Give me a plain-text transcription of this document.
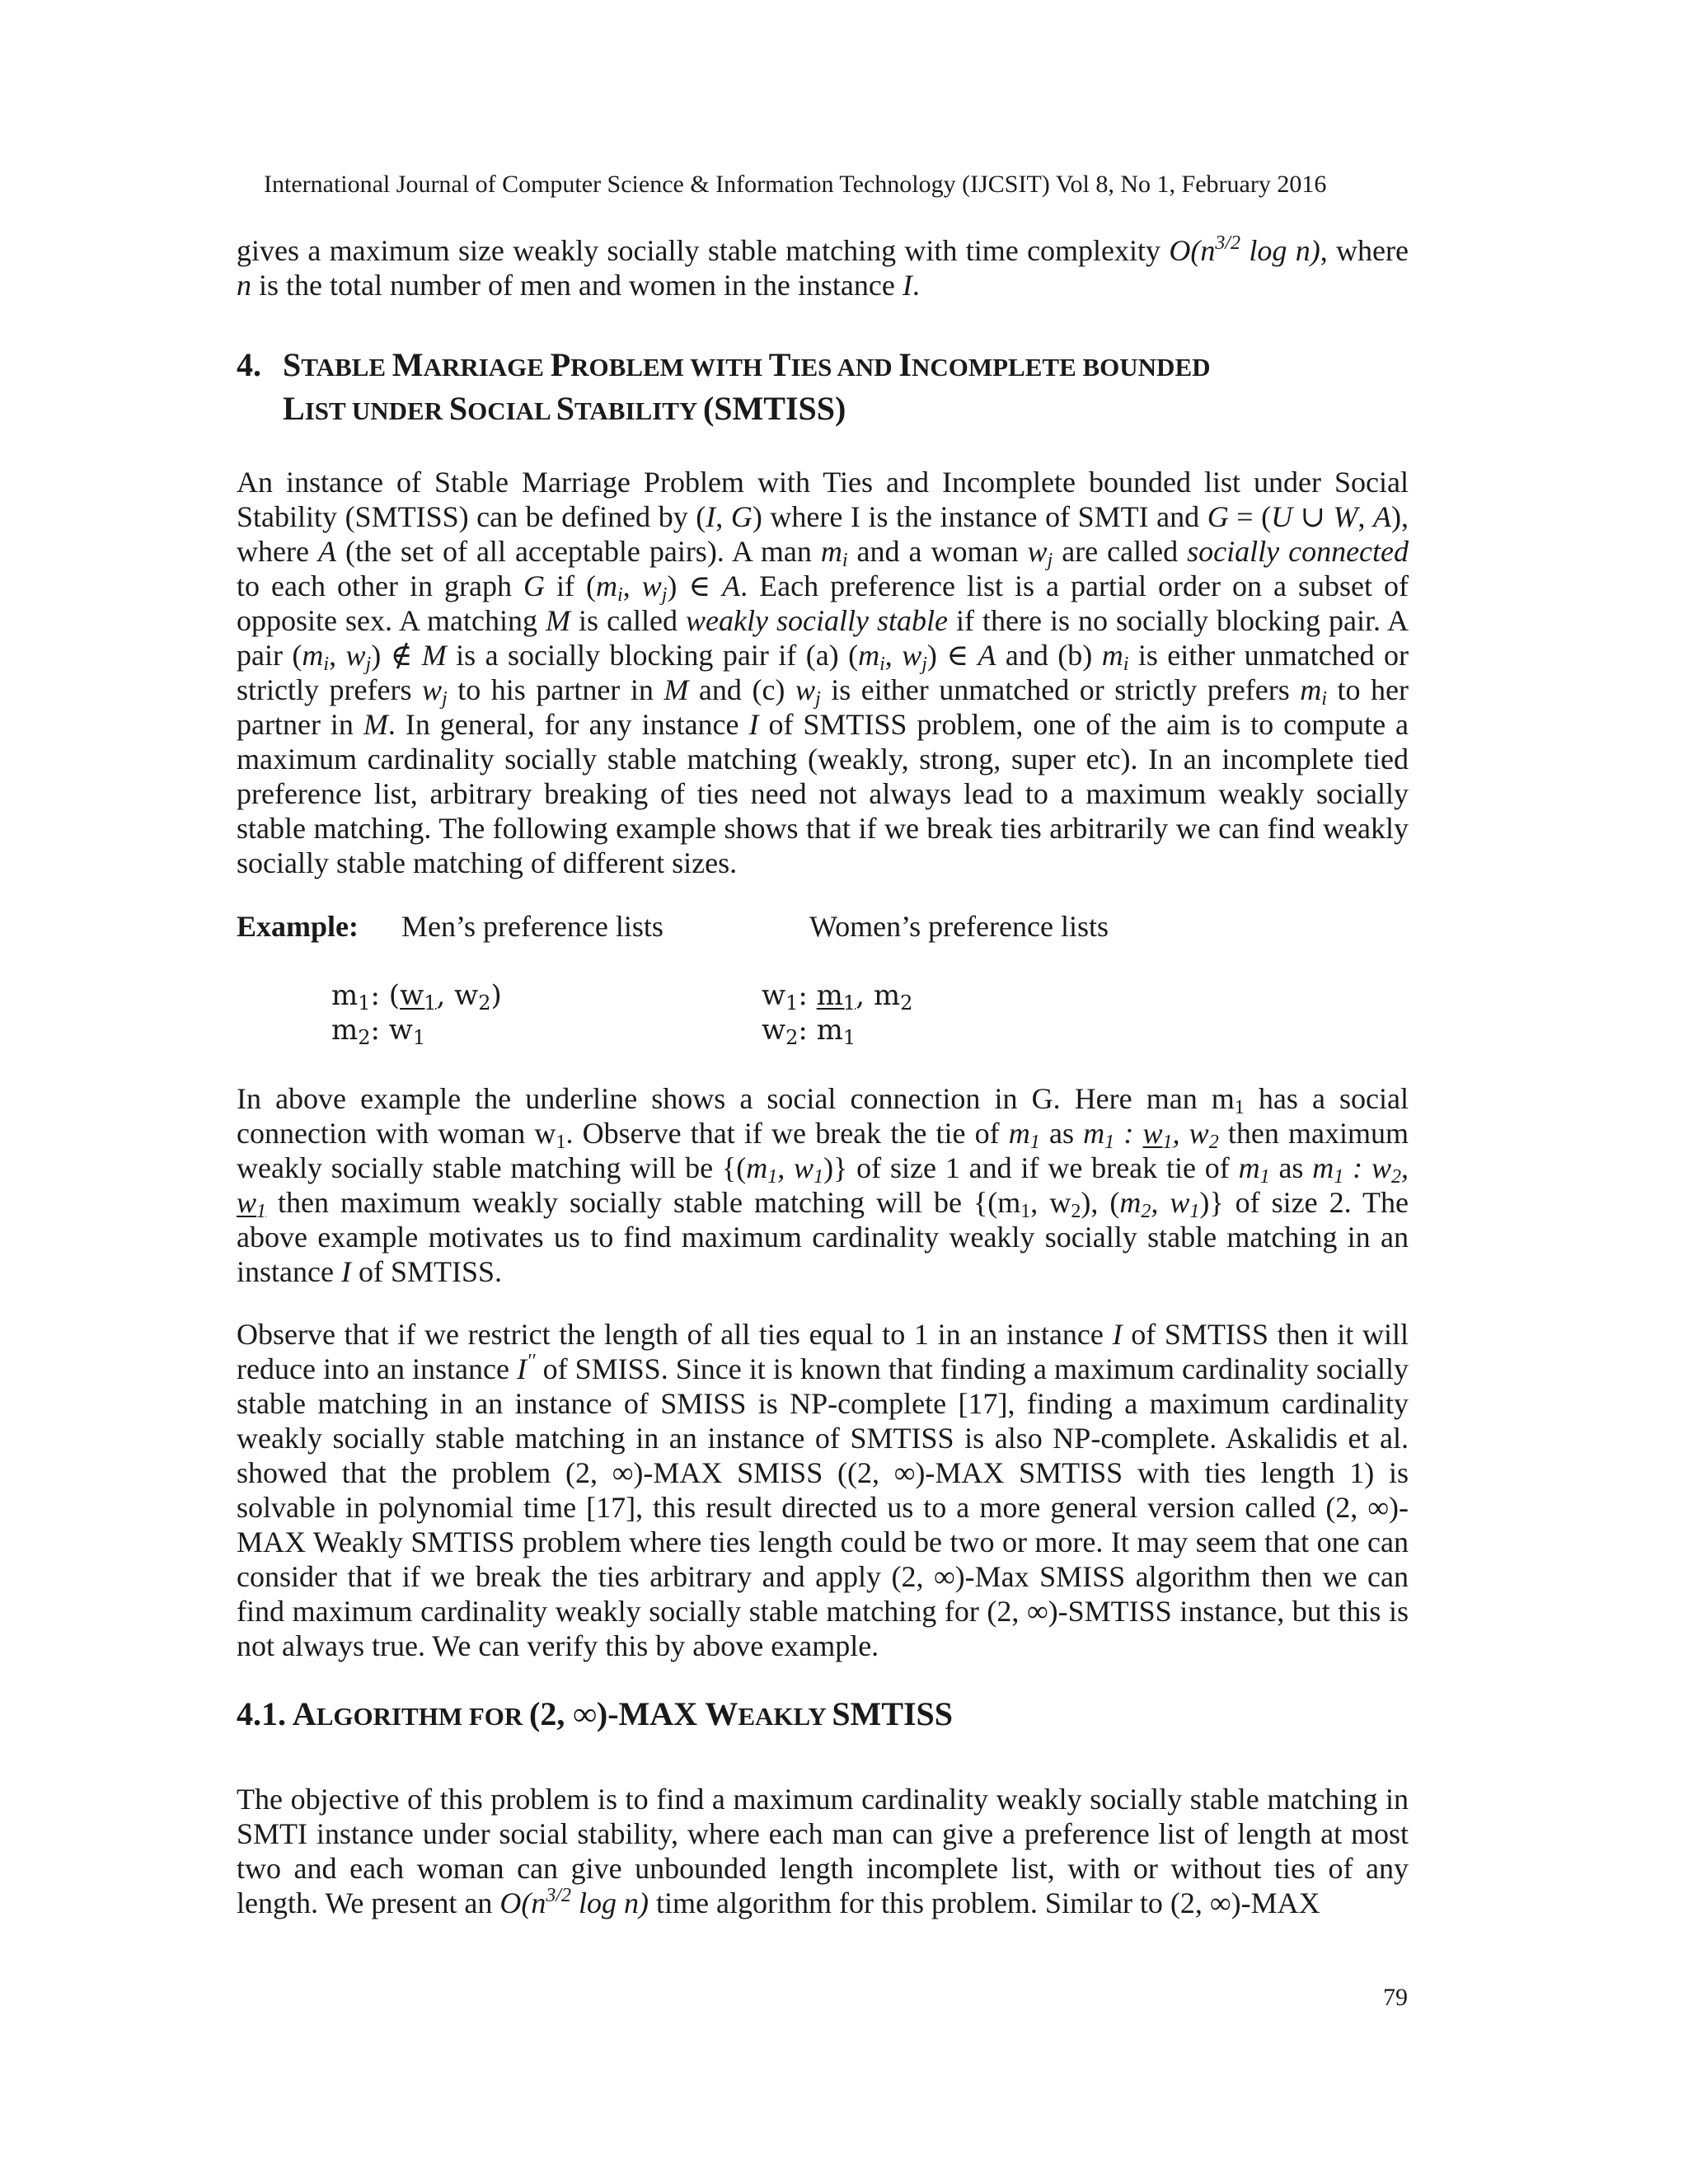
International Journal of Computer Science & Information Technology (IJCSIT) Vol 8, No 1, February 2016

gives a maximum size weakly socially stable matching with time complexity $O(n^{3/2}$ log n), where n is the total number of men and women in the instance I.

4. STABLE MARRIAGE PROBLEM WITH TIES AND INCOMPLETE BOUNDED
LIST UNDER SOCIAL STABILITY (SMTISS)

An instance of Stable Marriage Problem with Ties and Incomplete bounded list under Social Stability (SMTISS) can be defined by (I, G) where I is the instance of SMTI and G = (U ∪ W, A), where A (the set of all acceptable pairs). A man $m_i$ and a woman $w_j$ are called socially connected to each other in graph G if ($m_i$, $w_j$) ∈ A. Each preference list is a partial order on a subset of opposite sex. A matching M is called weakly socially stable if there is no socially blocking pair. A pair ($m_i$, $w_j$) ∉ M is a socially blocking pair if (a) ($m_i$, $w_j$) ∈ A and (b) $m_i$ is either unmatched or strictly prefers $w_j$ to his partner in M and (c) $w_j$ is either unmatched or strictly prefers $m_i$ to her partner in M. In general, for any instance I of SMTISS problem, one of the aim is to compute a maximum cardinality socially stable matching (weakly, strong, super etc). In an incomplete tied preference list, arbitrary breaking of ties need not always lead to a maximum weakly socially stable matching. The following example shows that if we break ties arbitrarily we can find weakly socially stable matching of different sizes.

Example: Men’s preference lists	Women’s preference lists
$m_1$: ($w_1$, $w_2$)
$m_2$: $w_1$
$w_1$: $m_1$, $m_2$
$w_2$: $m_1$

In above example the underline shows a social connection in G. Here man $m_1$ has a social connection with woman $w_1$. Observe that if we break the tie of $m_1$ as $m_1$ : $w_1$, $w_2$ then maximum weakly socially stable matching will be {($m_1$, $w_1$)} of size 1 and if we break tie of $m_1$ as $m_1$ : $w_2$, $w_1$ then maximum weakly socially stable matching will be {($m_1$, $w_2$), ($m_2$, $w_1$)} of size 2. The above example motivates us to find maximum cardinality weakly socially stable matching in an instance I of SMTISS.

Observe that if we restrict the length of all ties equal to 1 in an instance I of SMTISS then it will reduce into an instance I′′ of SMISS. Since it is known that finding a maximum cardinality socially stable matching in an instance of SMISS is NP-complete [17], finding a maximum cardinality weakly socially stable matching in an instance of SMTISS is also NP-complete. Askalidis et al. showed that the problem (2, ∞)-MAX SMISS ((2, ∞)-MAX SMTISS with ties length 1) is solvable in polynomial time [17], this result directed us to a more general version called (2, ∞)-MAX Weakly SMTISS problem where ties length could be two or more. It may seem that one can consider that if we break the ties arbitrary and apply (2, ∞)-Max SMISS algorithm then we can find maximum cardinality weakly socially stable matching for (2, ∞)-SMTISS instance, but this is not always true. We can verify this by above example.

4.1. ALGORITHM FOR (2, ∞)-MAX WEAKLY SMTISS

The objective of this problem is to find a maximum cardinality weakly socially stable matching in SMTI instance under social stability, where each man can give a preference list of length at most two and each woman can give unbounded length incomplete list, with or without ties of any length. We present an $O(n^{3/2}$ log n) time algorithm for this problem. Similar to (2, ∞)-MAX

79
